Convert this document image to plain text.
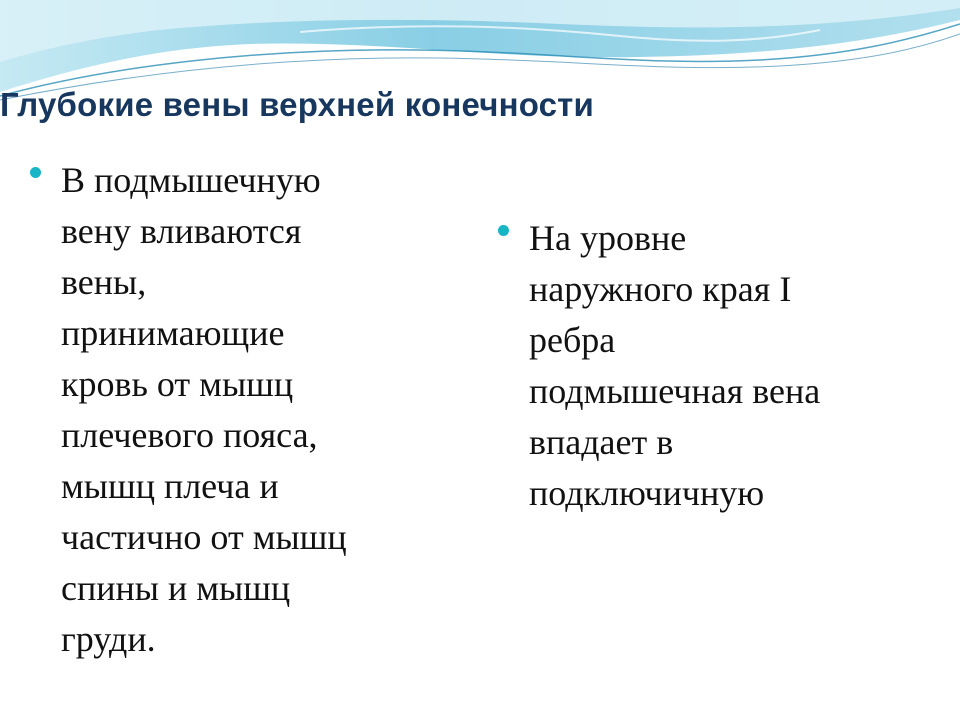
Глубокие вены верхней конечности

В подмышечную
вену вливаются
вены,
принимающие
кровь от мышц
плечевого пояса,
мышц плеча и
частично от мышц
спины и мышц
груди.

На уровне
наружного края I
ребра
подмышечная вена
впадает в
подключичную
